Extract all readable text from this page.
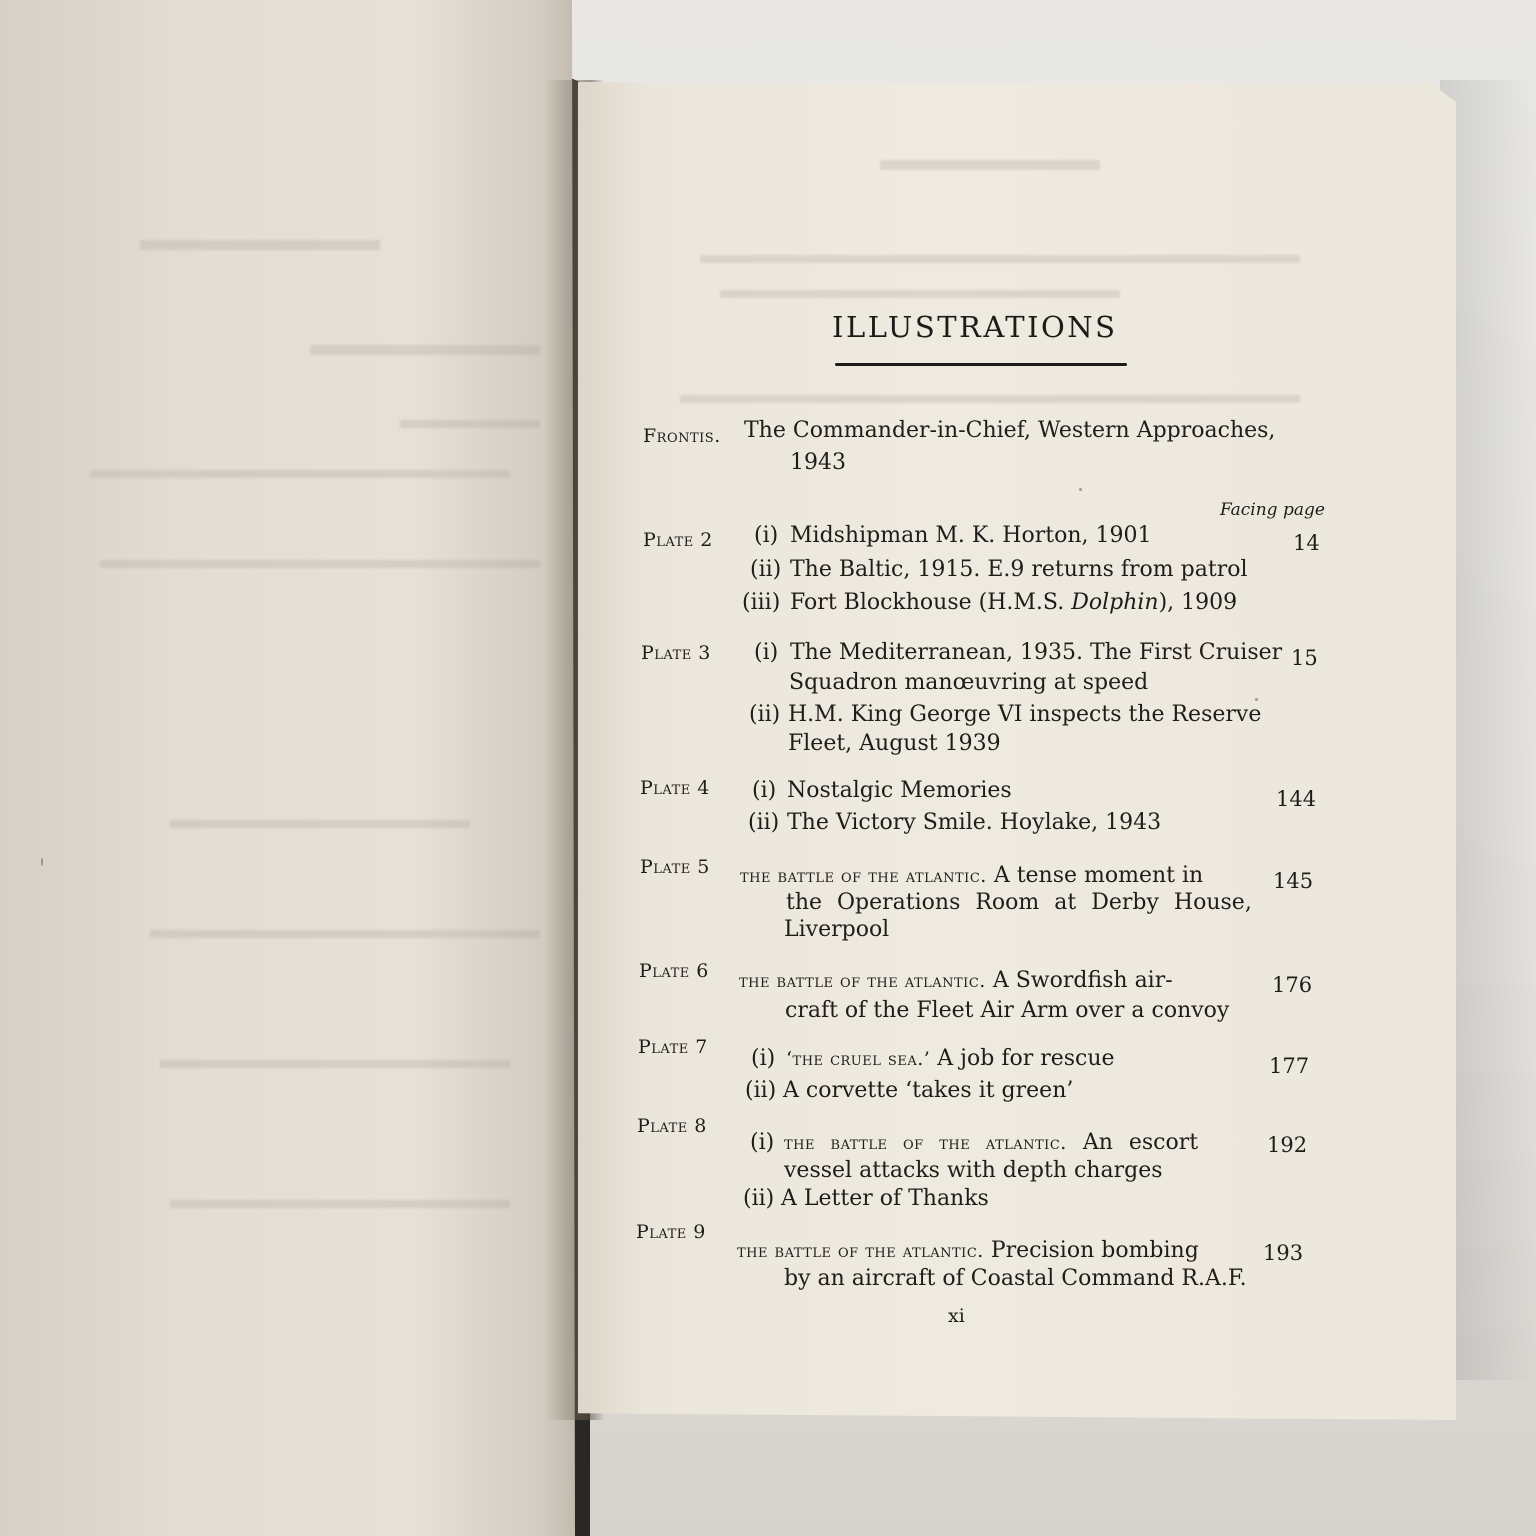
ILLUSTRATIONS
Frontis. The Commander-in-Chief, Western Approaches,
1943
Facing page
Plate 2 (i) Midshipman M. K. Horton, 1901
(ii) The Baltic, 1915. E.9 returns from patrol
(iii) Fort Blockhouse (H.M.S. Dolphin), 1909
14
Plate 3 (i) The Mediterranean, 1935. The First Cruiser
Squadron manœuvring at speed
(ii) H.M. King George VI inspects the Reserve
Fleet, August 1939
15
Plate 4 (i) Nostalgic Memories
(ii) The Victory Smile. Hoylake, 1943
144
Plate 5 the battle of the atlantic. A tense moment in
the Operations Room at Derby House,
Liverpool
145
Plate 6 the battle of the atlantic. A Swordfish air-
craft of the Fleet Air Arm over a convoy
176
Plate 7 (i) ‘the cruel sea.’ A job for rescue
(ii) A corvette ‘takes it green’
177
Plate 8
(i) the battle of the atlantic. An escort
vessel attacks with depth charges
(ii) A Letter of Thanks
192
Plate 9
the battle of the atlantic. Precision bombing
by an aircraft of Coastal Command R.A.F.
193
xi
